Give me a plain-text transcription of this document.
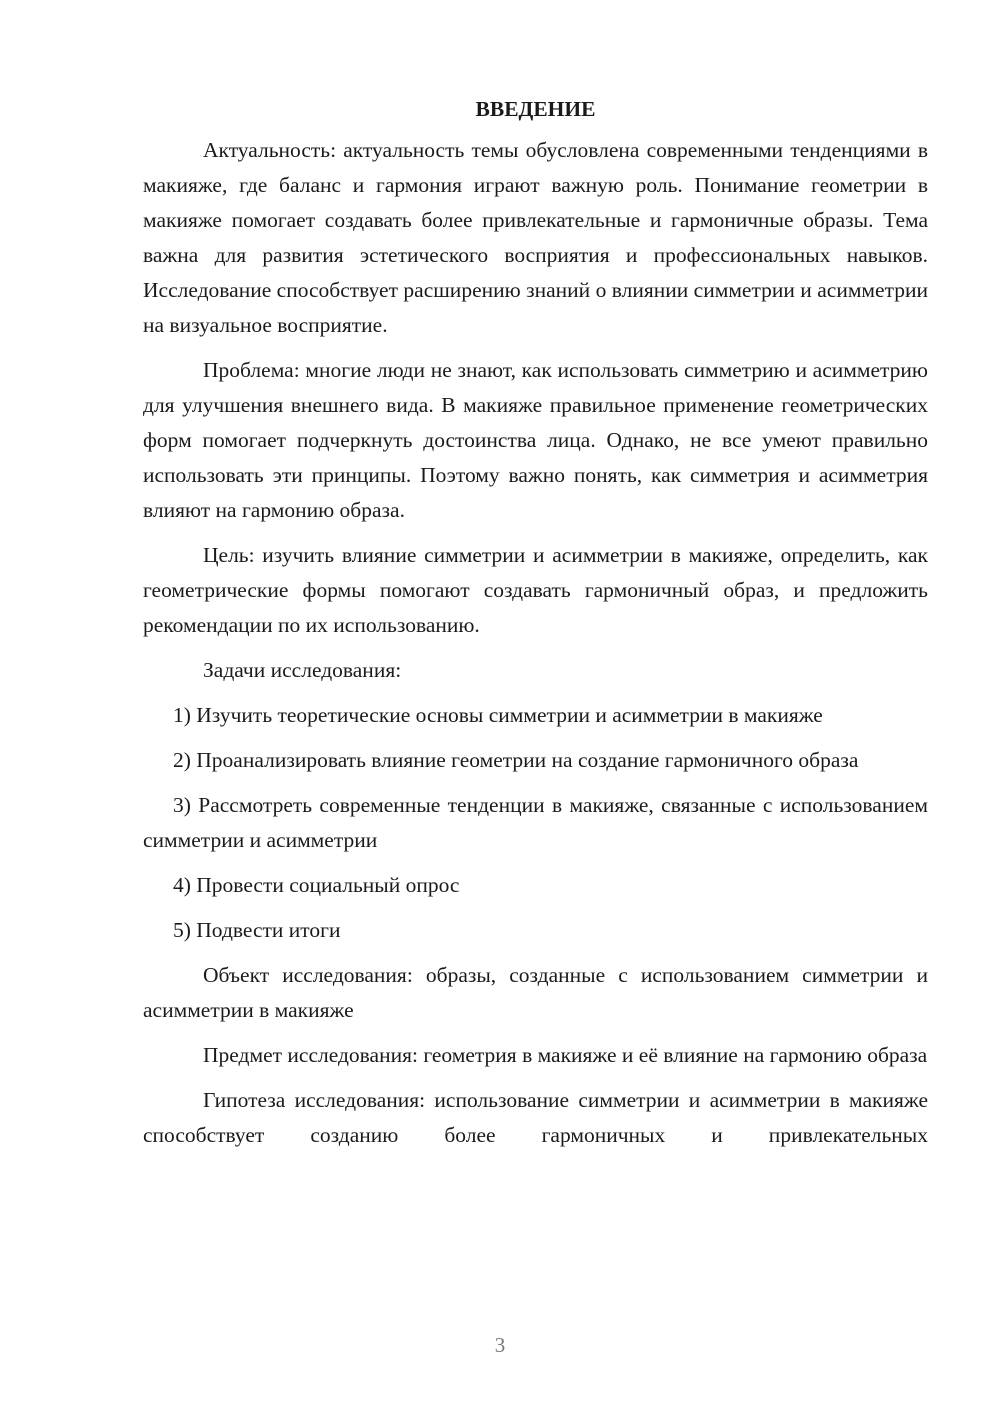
ВВЕДЕНИЕ

Актуальность: актуальность темы обусловлена современными тенденциями в макияже, где баланс и гармония играют важную роль. Понимание геометрии в макияже помогает создавать более привлекательные и гармоничные образы. Тема важна для развития эстетического восприятия и профессиональных навыков. Исследование способствует расширению знаний о влиянии симметрии и асимметрии на визуальное восприятие.

Проблема: многие люди не знают, как использовать симметрию и асимметрию для улучшения внешнего вида. В макияже правильное применение геометрических форм помогает подчеркнуть достоинства лица. Однако, не все умеют правильно использовать эти принципы. Поэтому важно понять, как симметрия и асимметрия влияют на гармонию образа.

Цель: изучить влияние симметрии и асимметрии в макияже, определить, как геометрические формы помогают создавать гармоничный образ, и предложить рекомендации по их использованию.

Задачи исследования:

1) Изучить теоретические основы симметрии и асимметрии в макияже

2) Проанализировать влияние геометрии на создание гармоничного образа

3) Рассмотреть современные тенденции в макияже, связанные с использованием симметрии и асимметрии

4) Провести социальный опрос

5) Подвести итоги

Объект исследования: образы, созданные с использованием симметрии и асимметрии в макияже

Предмет исследования: геометрия в макияже и её влияние на гармонию образа

Гипотеза исследования: использование симметрии и асимметрии в макияже способствует созданию более гармоничных и привлекательных

3
